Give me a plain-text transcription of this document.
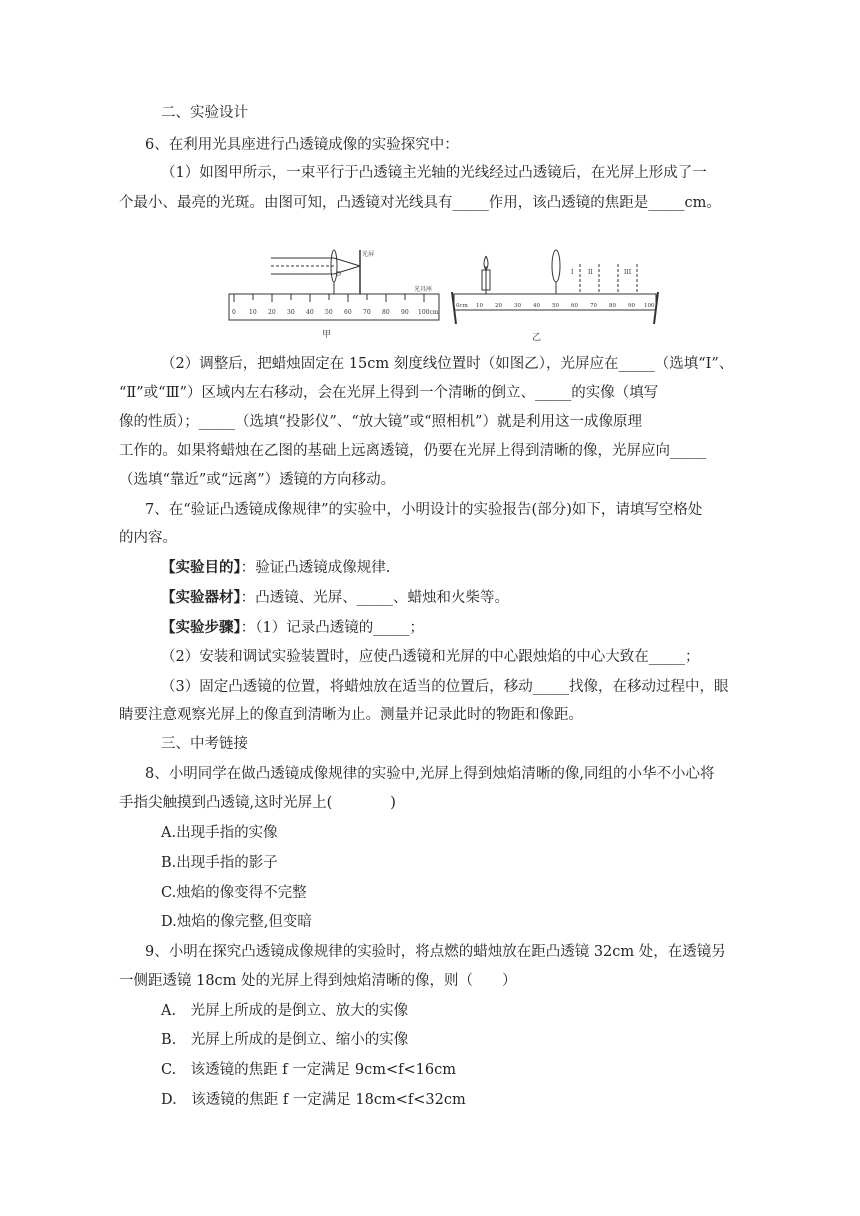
二、实验设计
6、在利用光具座进行凸透镜成像的实验探究中：
（1）如图甲所示，一束平行于凸透镜主光轴的光线经过凸透镜后，在光屏上形成了一
个最小、最亮的光斑。由图可知，凸透镜对光线具有_____作用，该凸透镜的焦距是_____cm。
光屏
光具座
O
0 10 20 30 40 50 60 70 80 90 100cm
甲
I II	III
0cm 10 20 30 40 50 60 70 80 90 100
乙
（2）调整后，把蜡烛固定在 15cm 刻度线位置时（如图乙），光屏应在_____（选填“Ⅰ”、
“Ⅱ”或“Ⅲ”）区域内左右移动，会在光屏上得到一个清晰的倒立、_____的实像（填写
像的性质）；_____（选填“投影仪”、“放大镜”或“照相机”）就是利用这一成像原理
工作的。如果将蜡烛在乙图的基础上远离透镜，仍要在光屏上得到清晰的像，光屏应向_____
（选填“靠近”或“远离”）透镜的方向移动。
7、在“验证凸透镜成像规律”的实验中，小明设计的实验报告(部分)如下，请填写空格处
的内容。
【实验目的】：验证凸透镜成像规律.
【实验器材】：凸透镜、光屏、_____、蜡烛和火柴等。
【实验步骤】：（1）记录凸透镜的_____；
（2）安装和调试实验装置时，应使凸透镜和光屏的中心跟烛焰的中心大致在_____；
（3）固定凸透镜的位置，将蜡烛放在适当的位置后，移动_____找像，在移动过程中，眼
睛要注意观察光屏上的像直到清晰为止。测量并记录此时的物距和像距。
三、中考链接
8、小明同学在做凸透镜成像规律的实验中,光屏上得到烛焰清晰的像,同组的小华不小心将
手指尖触摸到凸透镜,这时光屏上(　　　　)
A.出现手指的实像
B.出现手指的影子
C.烛焰的像变得不完整
D.烛焰的像完整,但变暗
9、小明在探究凸透镜成像规律的实验时，将点燃的蜡烛放在距凸透镜 32cm 处，在透镜另
一侧距透镜 18cm 处的光屏上得到烛焰清晰的像，则（　　）
A.　光屏上所成的是倒立、放大的实像
B.　光屏上所成的是倒立、缩小的实像
C.　该透镜的焦距 f 一定满足 9cm<f<16cm
D.　该透镜的焦距 f 一定满足 18cm<f<32cm
